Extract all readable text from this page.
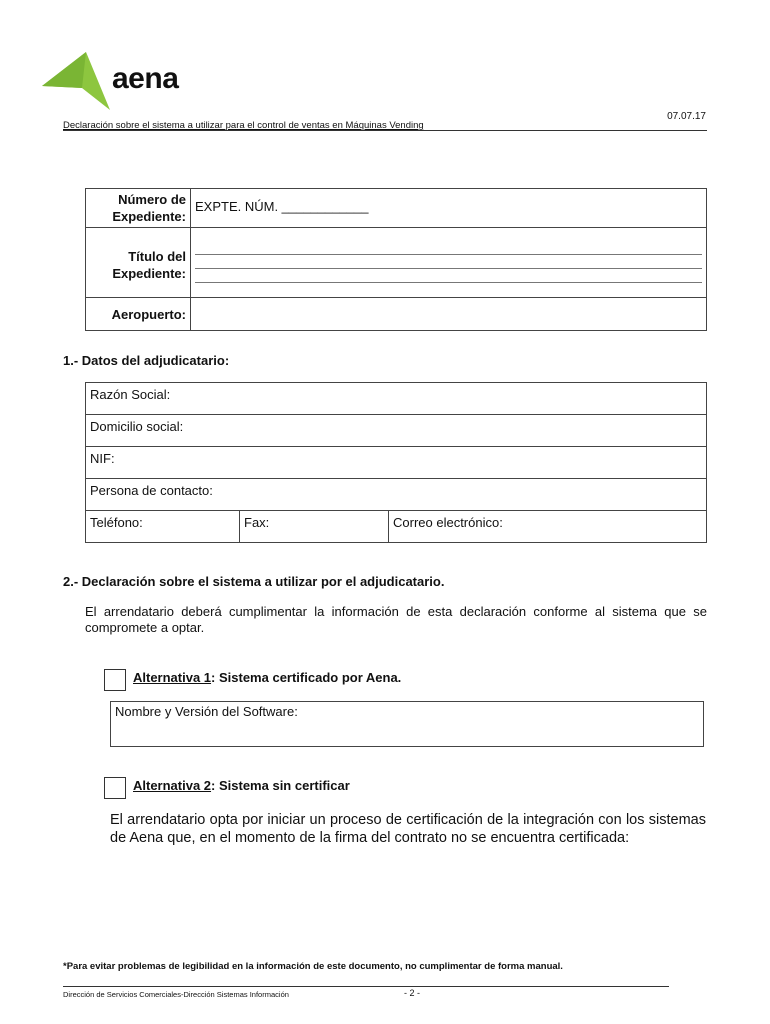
aena
07.07.17
Declaración sobre el sistema a utilizar para el control de ventas en Máquinas Vending
Número de
Expediente:	EXPTE. NÚM. ____________

Título del
Expediente:	

Aeropuerto:	
1.- Datos del adjudicatario:
Razón Social:
Domicilio social:
NIF:
Persona de contacto:
Teléfono:	Fax:	Correo electrónico:
2.- Declaración sobre el sistema a utilizar por el adjudicatario.
El arrendatario deberá cumplimentar la información de esta declaración conforme al sistema que se compromete a optar.
Alternativa 1: Sistema certificado por Aena.
Nombre y Versión del Software:
Alternativa 2: Sistema sin certificar
El arrendatario opta por iniciar un proceso de certificación de la integración con los sistemas de Aena que, en el momento de la firma del contrato no se encuentra certificada:
*Para evitar problemas de legibilidad en la información de este documento, no cumplimentar de forma manual.
Dirección de Servicios Comerciales-Dirección Sistemas Información	- 2 -
